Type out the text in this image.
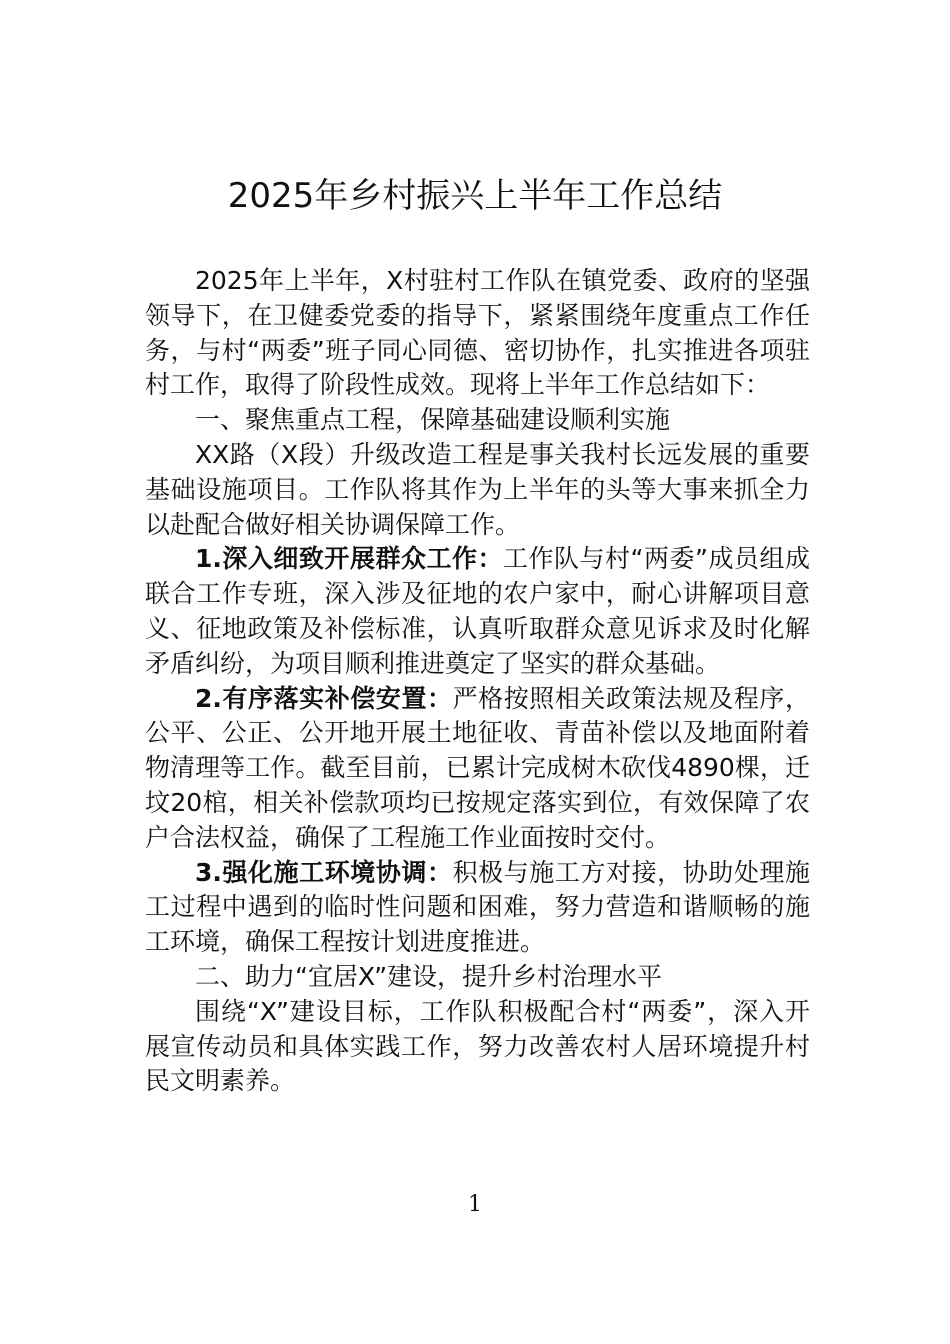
2025年乡村振兴上半年工作总结

2025年上半年，X村驻村工作队在镇党委、政府的坚强领导下，在卫健委党委的指导下，紧紧围绕年度重点工作任务，与村“两委”班子同心同德、密切协作，扎实推进各项驻村工作，取得了阶段性成效。现将上半年工作总结如下：

一、聚焦重点工程，保障基础建设顺利实施

XX路（X段）升级改造工程是事关我村长远发展的重要基础设施项目。工作队将其作为上半年的头等大事来抓全力以赴配合做好相关协调保障工作。

1.深入细致开展群众工作：工作队与村“两委”成员组成联合工作专班，深入涉及征地的农户家中，耐心讲解项目意义、征地政策及补偿标准，认真听取群众意见诉求及时化解矛盾纠纷，为项目顺利推进奠定了坚实的群众基础。

2.有序落实补偿安置：严格按照相关政策法规及程序，公平、公正、公开地开展土地征收、青苗补偿以及地面附着物清理等工作。截至目前，已累计完成树木砍伐4890棵，迁坟20棺，相关补偿款项均已按规定落实到位，有效保障了农户合法权益，确保了工程施工作业面按时交付。

3.强化施工环境协调：积极与施工方对接，协助处理施工过程中遇到的临时性问题和困难，努力营造和谐顺畅的施工环境，确保工程按计划进度推进。

二、助力“宜居X”建设，提升乡村治理水平

围绕“X”建设目标，工作队积极配合村“两委”，深入开展宣传动员和具体实践工作，努力改善农村人居环境提升村民文明素养。

1
